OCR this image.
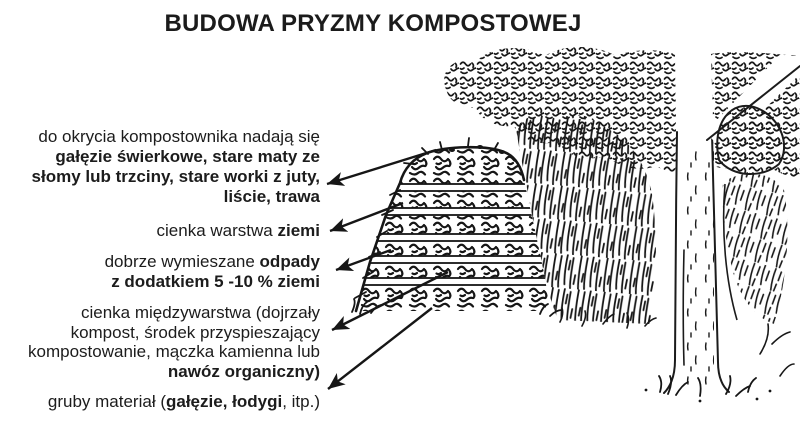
BUDOWA PRYZMY KOMPOSTOWEJ
do okrycia kompostownika nadają się
gałęzie świerkowe, stare maty ze
słomy lub trzciny, stare worki z juty,
liście, trawa
cienka warstwa ziemi
dobrze wymieszane odpady
z dodatkiem 5 -10 % ziemi
cienka międzywarstwa (dojrzały
kompost, środek przyspieszający
kompostowanie, mączka kamienna lub
nawóz organiczny)
gruby materiał (gałęzie, łodygi, itp.)
